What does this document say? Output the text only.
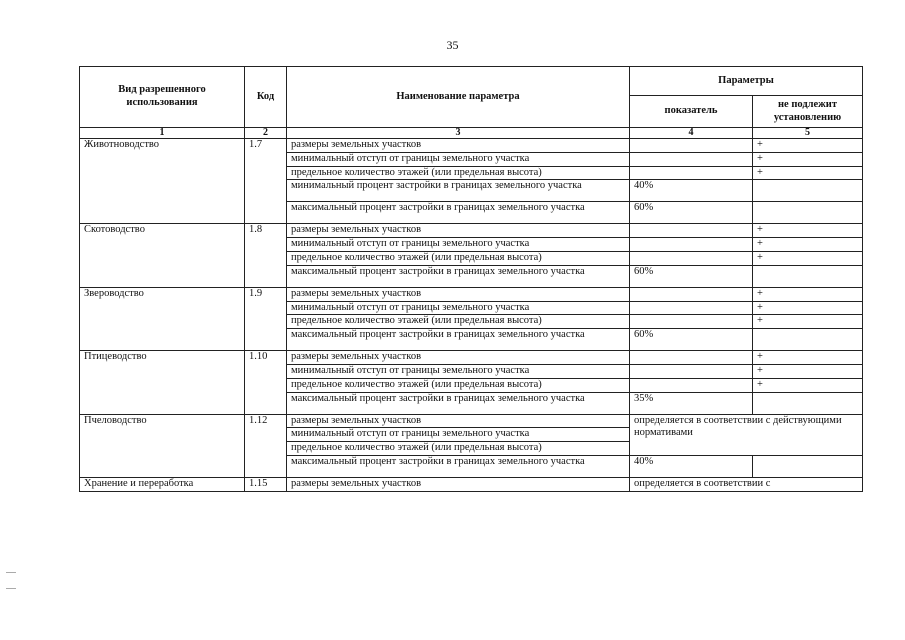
35
Вид разрешенного использования	Код	Наименование параметра	Параметры	
			показатель	не подлежит установлению
1	2	3	4	5
Животноводство	1.7	размеры земельных участков		+
		минимальный отступ от границы земельного участка		+
		предельное количество этажей (или предельная высота)		+
		минимальный процент застройки в границах земельного участка	40%	
		максимальный процент застройки в границах земельного участка	60%	
Скотоводство	1.8	размеры земельных участков		+
		минимальный отступ от границы земельного участка		+
		предельное количество этажей (или предельная высота)		+
		максимальный процент застройки в границах земельного участка	60%	
Звероводство	1.9	размеры земельных участков		+
		минимальный отступ от границы земельного участка		+
		предельное количество этажей (или предельная высота)		+
		максимальный процент застройки в границах земельного участка	60%	
Птицеводство	1.10	размеры земельных участков		+
		минимальный отступ от границы земельного участка		+
		предельное количество этажей (или предельная высота)		+
		максимальный процент застройки в границах земельного участка	35%	
Пчеловодство	1.12	размеры земельных участков	определяется в соответствии с действующими нормативами	
		минимальный отступ от границы земельного участка		
		предельное количество этажей (или предельная высота)		
		максимальный процент застройки в границах земельного участка	40%	
Хранение и переработка	1.15	размеры земельных участков	определяется в соответствии с	
